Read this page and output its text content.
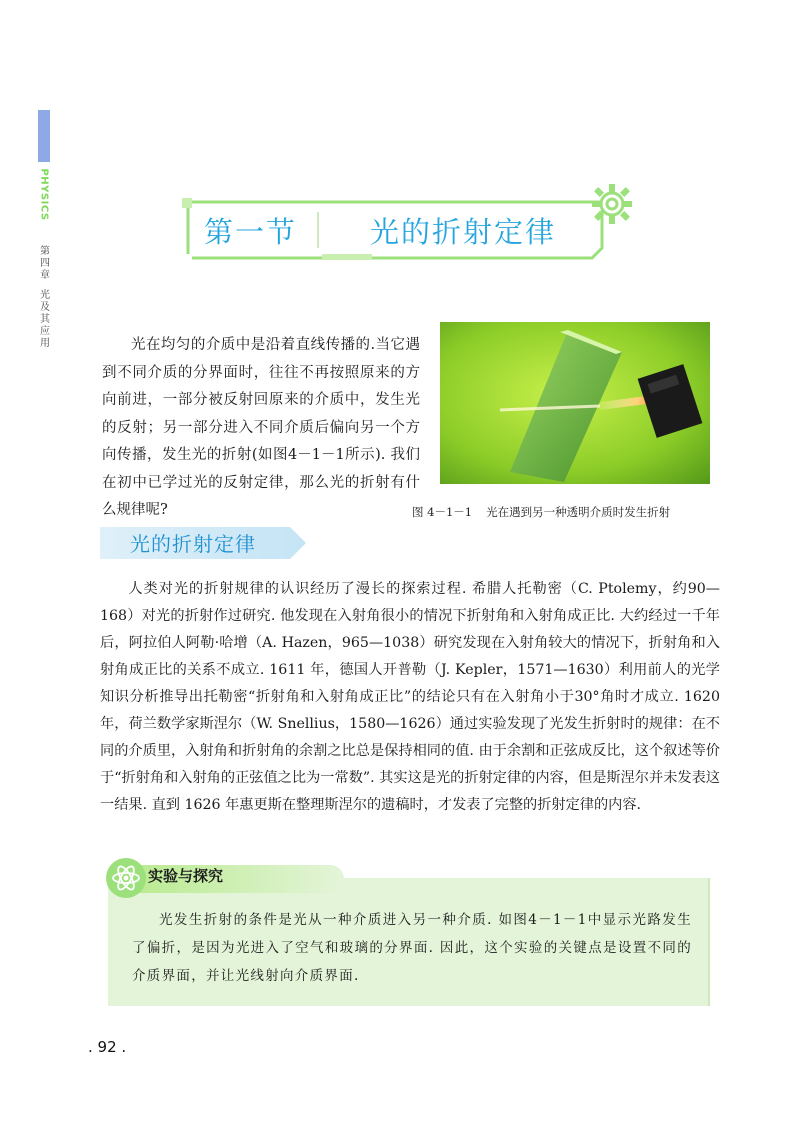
PHYSICS
第
四
章
光
及
其
应
用
第一节	光的折射定律

光在均匀的介质中是沿着直线传播的.当它遇到不同介质的分界面时，往往不再按照原来的方向前进，一部分被反射回原来的介质中，发生光的反射；另一部分进入不同介质后偏向另一个方向传播，发生光的折射(如图4－1－1所示). 我们在初中已学过光的反射定律，那么光的折射有什么规律呢?	图 4－1－1 光在遇到另一种透明介质时发生折射
光的折射定律

人类对光的折射规律的认识经历了漫长的探索过程. 希腊人托勒密（C. Ptolemy，约90—168）对光的折射作过研究. 他发现在入射角很小的情况下折射角和入射角成正比. 大约经过一千年后，阿拉伯人阿勒·哈增（A. Hazen，965—1038）研究发现在入射角较大的情况下，折射角和入射角成正比的关系不成立. 1611 年，德国人开普勒（J. Kepler，1571—1630）利用前人的光学知识分析推导出托勒密“折射角和入射角成正比”的结论只有在入射角小于30°角时才成立. 1620 年，荷兰数学家斯涅尔（W. Snellius，1580—1626）通过实验发现了光发生折射时的规律：在不同的介质里，入射角和折射角的余割之比总是保持相同的值. 由于余割和正弦成反比，这个叙述等价于“折射角和入射角的正弦值之比为一常数”. 其实这是光的折射定律的内容，但是斯涅尔并未发表这一结果. 直到 1626 年惠更斯在整理斯涅尔的遗稿时，才发表了完整的折射定律的内容.

实验与探究

光发生折射的条件是光从一种介质进入另一种介质. 如图4－1－1中显示光路发生了偏折，是因为光进入了空气和玻璃的分界面. 因此，这个实验的关键点是设置不同的介质界面，并让光线射向介质界面.

. 92 .
